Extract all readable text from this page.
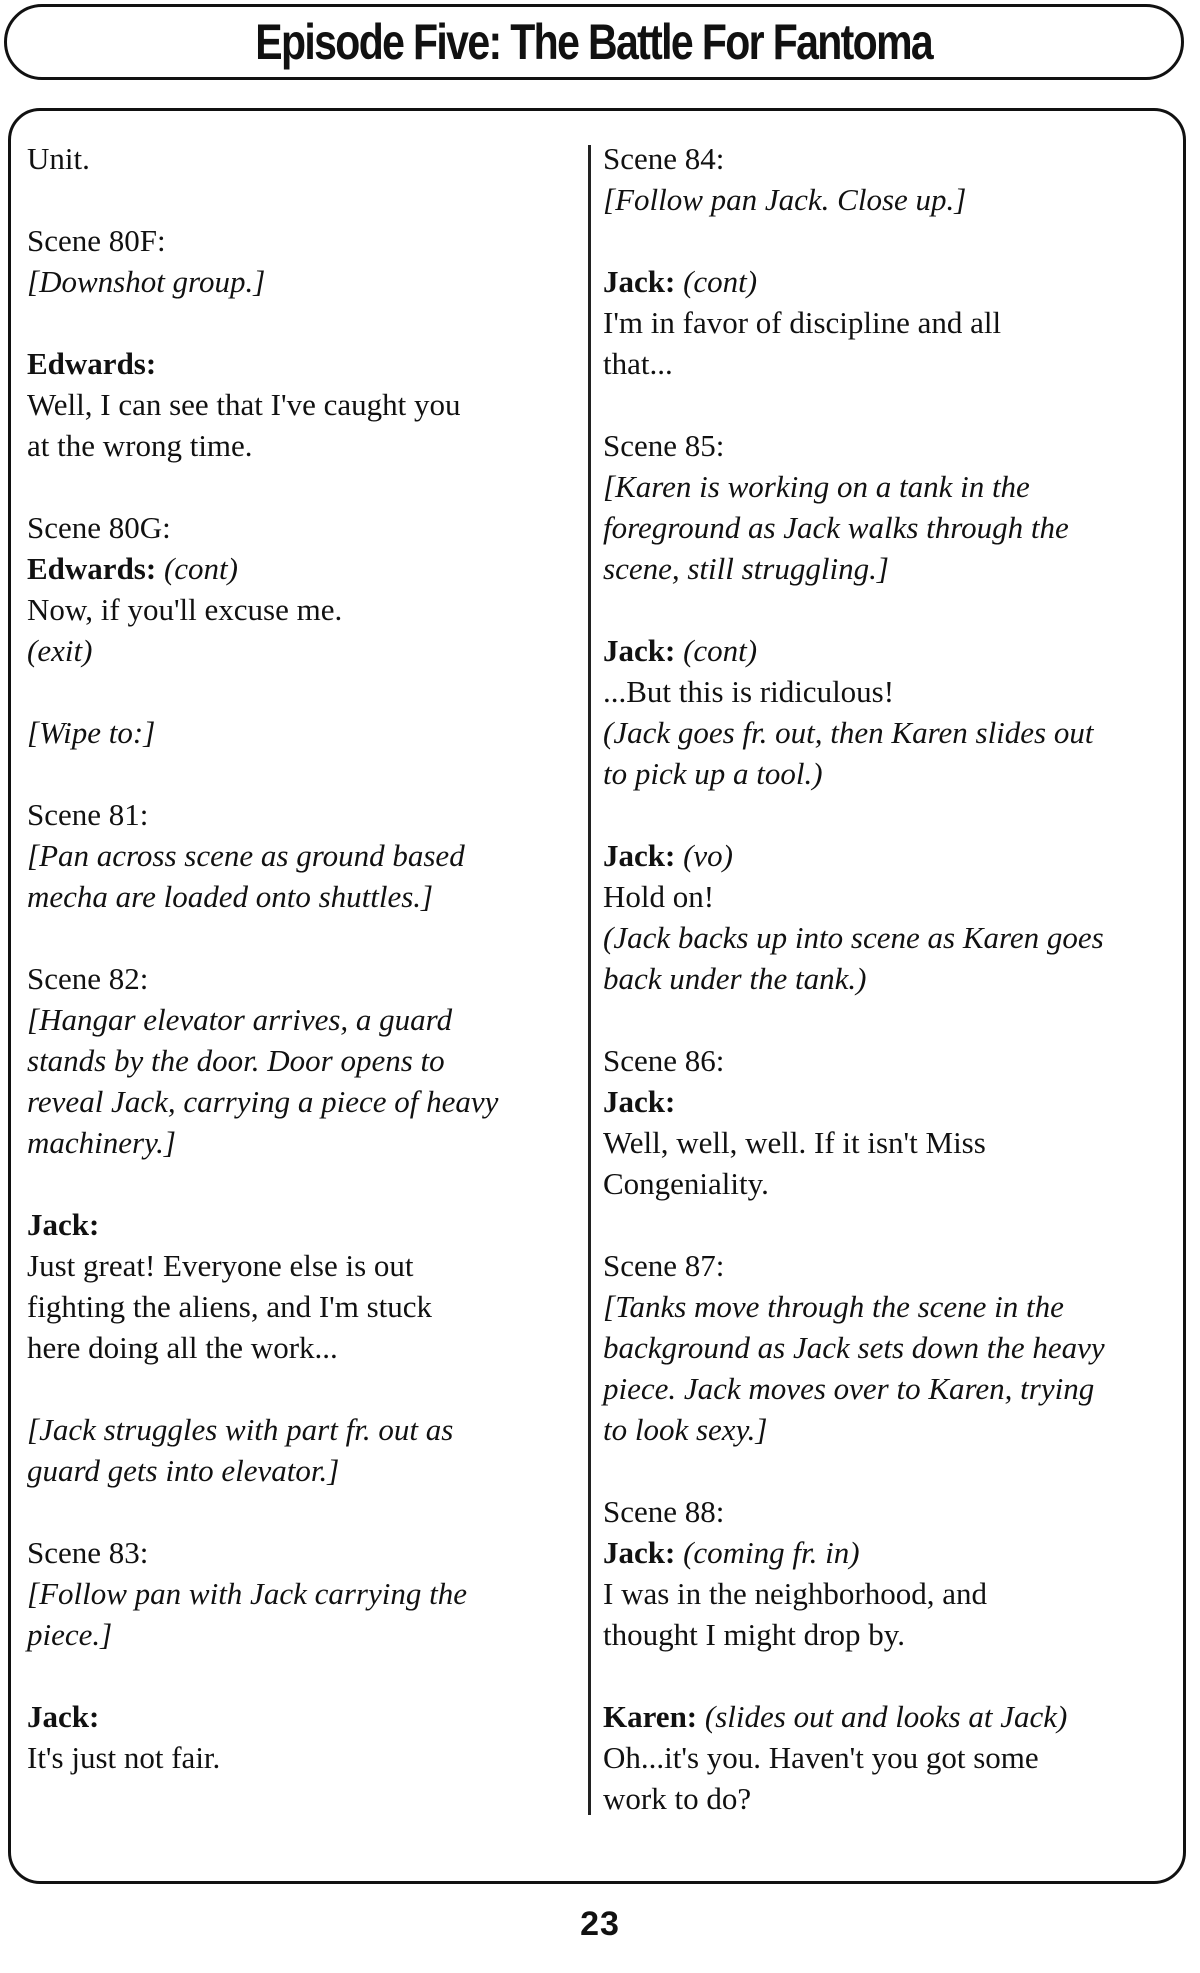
Episode Five: The Battle For Fantoma
Unit.
Scene 80F:
[Downshot group.]
Edwards:
Well, I can see that I've caught you
at the wrong time.
Scene 80G:
Edwards: (cont)
Now, if you'll excuse me.
(exit)
[Wipe to:]
Scene 81:
[Pan across scene as ground based
mecha are loaded onto shuttles.]
Scene 82:
[Hangar elevator arrives, a guard
stands by the door. Door opens to
reveal Jack, carrying a piece of heavy
machinery.]
Jack:
Just great! Everyone else is out
fighting the aliens, and I'm stuck
here doing all the work...
[Jack struggles with part fr. out as
guard gets into elevator.]
Scene 83:
[Follow pan with Jack carrying the
piece.]
Jack:
It's just not fair.
Scene 84:
[Follow pan Jack. Close up.]
Jack: (cont)
I'm in favor of discipline and all
that...
Scene 85:
[Karen is working on a tank in the
foreground as Jack walks through the
scene, still struggling.]
Jack: (cont)
...But this is ridiculous!
(Jack goes fr. out, then Karen slides out
to pick up a tool.)
Jack: (vo)
Hold on!
(Jack backs up into scene as Karen goes
back under the tank.)
Scene 86:
Jack:
Well, well, well. If it isn't Miss
Congeniality.
Scene 87:
[Tanks move through the scene in the
background as Jack sets down the heavy
piece. Jack moves over to Karen, trying
to look sexy.]
Scene 88:
Jack: (coming fr. in)
I was in the neighborhood, and
thought I might drop by.
Karen: (slides out and looks at Jack)
Oh...it's you. Haven't you got some
work to do?
23
